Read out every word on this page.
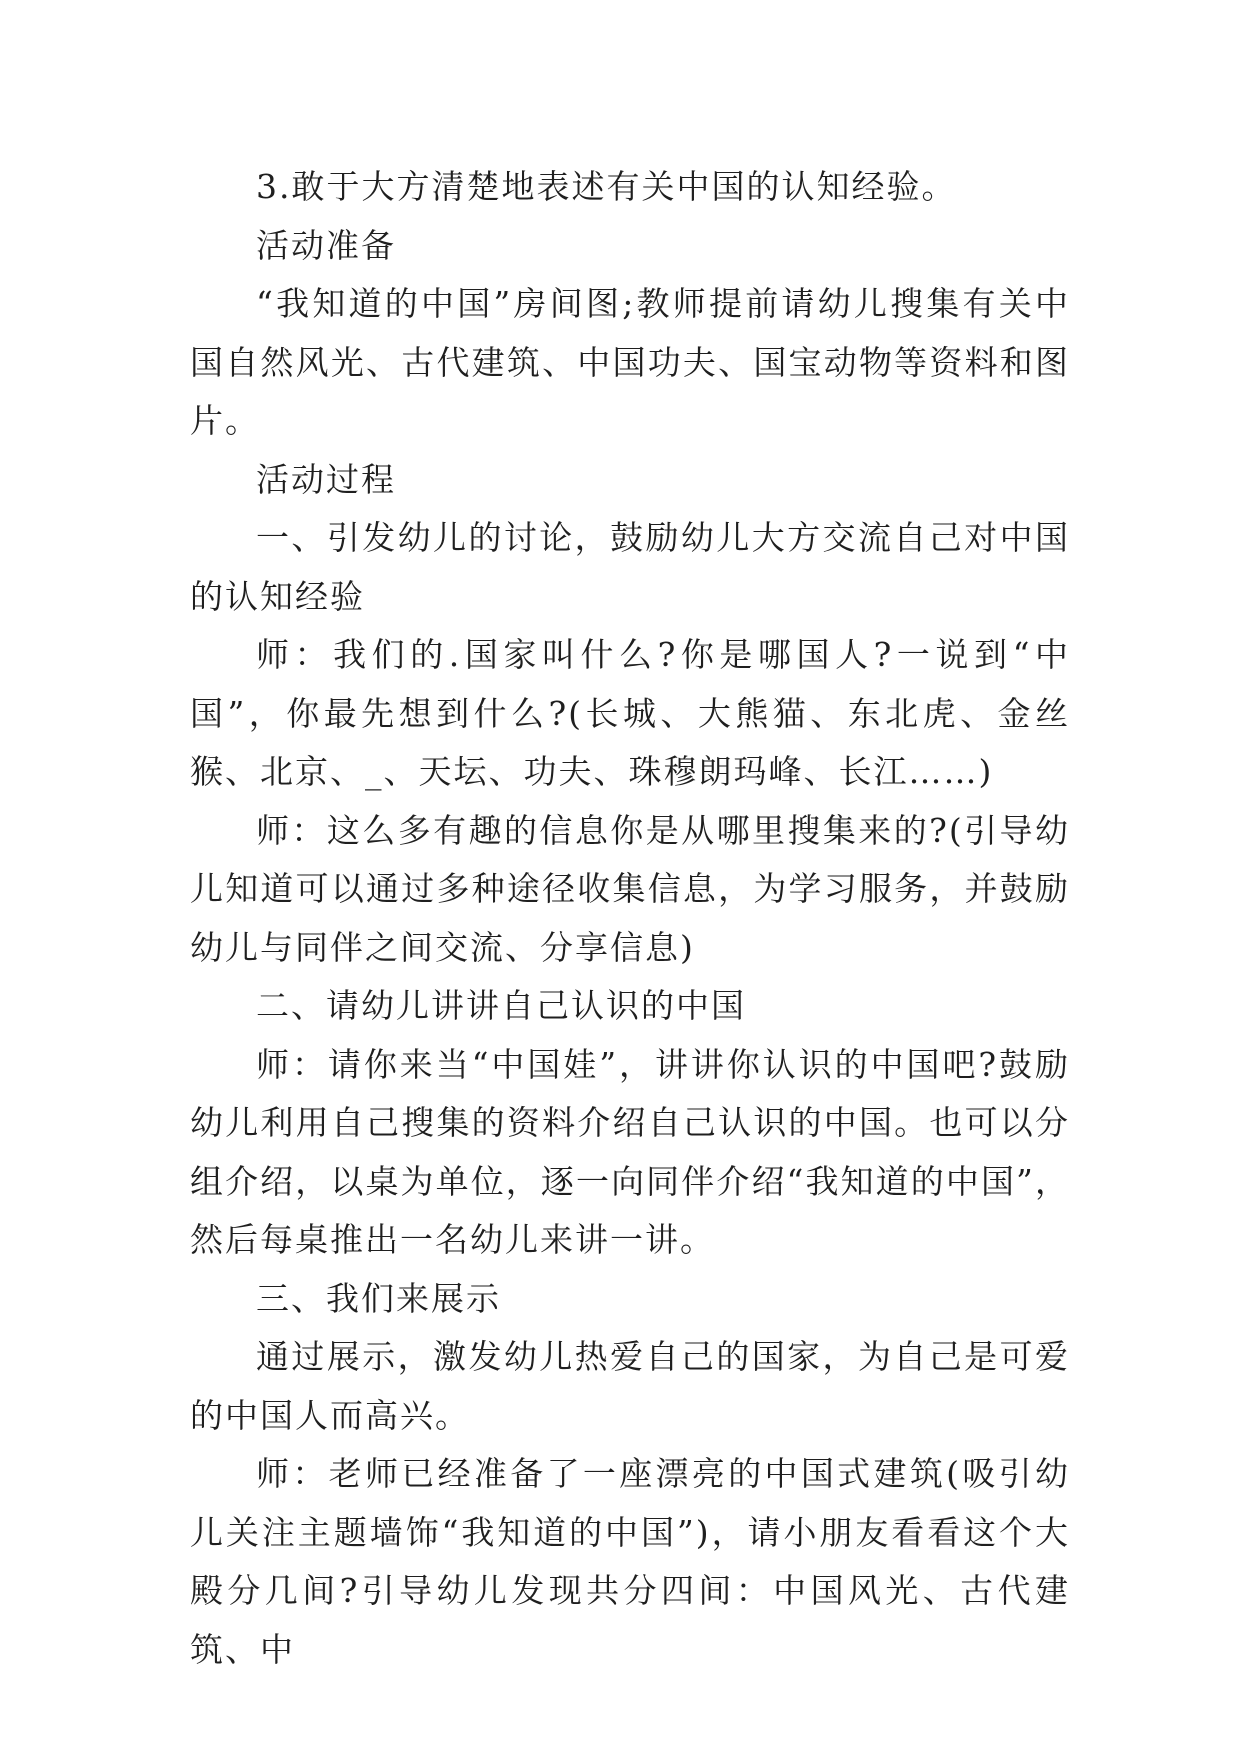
3.敢于大方清楚地表述有关中国的认知经验。

活动准备

“我知道的中国”房间图;教师提前请幼儿搜集有关中国自然风光、古代建筑、中国功夫、国宝动物等资料和图片。

活动过程

一、引发幼儿的讨论，鼓励幼儿大方交流自己对中国的认知经验

师：我们的.国家叫什么?你是哪国人?一说到“中国”，你最先想到什么?(长城、大熊猫、东北虎、金丝猴、北京、_、天坛、功夫、珠穆朗玛峰、长江……)

师：这么多有趣的信息你是从哪里搜集来的?(引导幼儿知道可以通过多种途径收集信息，为学习服务，并鼓励幼儿与同伴之间交流、分享信息)

二、请幼儿讲讲自己认识的中国

师：请你来当“中国娃”，讲讲你认识的中国吧?鼓励幼儿利用自己搜集的资料介绍自己认识的中国。也可以分组介绍，以桌为单位，逐一向同伴介绍“我知道的中国”，然后每桌推出一名幼儿来讲一讲。

三、我们来展示

通过展示，激发幼儿热爱自己的国家，为自己是可爱的中国人而高兴。

师：老师已经准备了一座漂亮的中国式建筑(吸引幼儿关注主题墙饰“我知道的中国”)，请小朋友看看这个大殿分几间?引导幼儿发现共分四间：中国风光、古代建筑、中
